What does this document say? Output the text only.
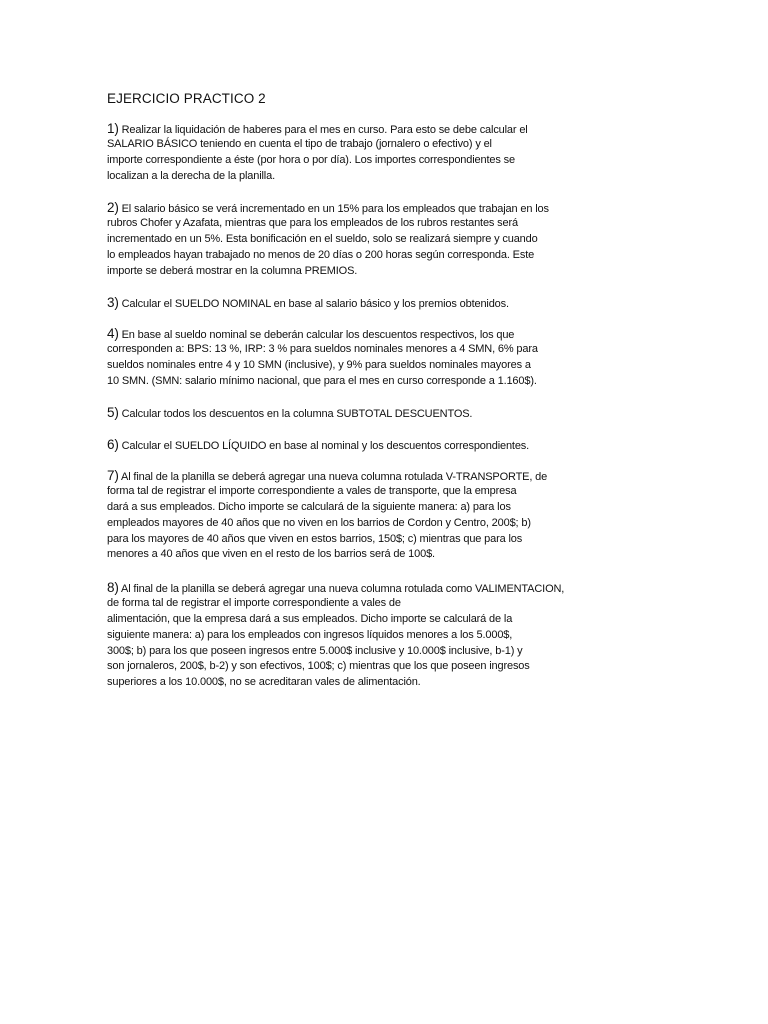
EJERCICIO PRACTICO 2
1) Realizar la liquidación de haberes para el mes en curso. Para esto se debe calcular el
SALARIO BÁSICO teniendo en cuenta el tipo de trabajo (jornalero o efectivo) y el
importe correspondiente a éste (por hora o por día). Los importes correspondientes se
localizan a la derecha de la planilla.
2) El salario básico se verá incrementado en un 15% para los empleados que trabajan en los
rubros Chofer y Azafata, mientras que para los empleados de los rubros restantes será
incrementado en un 5%. Esta bonificación en el sueldo, solo se realizará siempre y cuando
lo empleados hayan trabajado no menos de 20 días o 200 horas según corresponda. Este
importe se deberá mostrar en la columna PREMIOS.
3) Calcular el SUELDO NOMINAL en base al salario básico y los premios obtenidos.
4) En base al sueldo nominal se deberán calcular los descuentos respectivos, los que
corresponden a: BPS: 13 %, IRP: 3 % para sueldos nominales menores a 4 SMN, 6% para
sueldos nominales entre 4 y 10 SMN (inclusive), y 9% para sueldos nominales mayores a
10 SMN. (SMN: salario mínimo nacional, que para el mes en curso corresponde a 1.160$).
5) Calcular todos los descuentos en la columna SUBTOTAL DESCUENTOS.
6) Calcular el SUELDO LÍQUIDO en base al nominal y los descuentos correspondientes.
7) Al final de la planilla se deberá agregar una nueva columna rotulada V-TRANSPORTE, de
forma tal de registrar el importe correspondiente a vales de transporte, que la empresa
dará a sus empleados. Dicho importe se calculará de la siguiente manera: a) para los
empleados mayores de 40 años que no viven en los barrios de Cordon y Centro, 200$; b)
para los mayores de 40 años que viven en estos barrios, 150$; c) mientras que para los
menores a 40 años que viven en el resto de los barrios será de 100$.
8) Al final de la planilla se deberá agregar una nueva columna rotulada como VALIMENTACION,
de forma tal de registrar el importe correspondiente a vales de
alimentación, que la empresa dará a sus empleados. Dicho importe se calculará de la
siguiente manera: a) para los empleados con ingresos líquidos menores a los 5.000$,
300$; b) para los que poseen ingresos entre 5.000$ inclusive y 10.000$ inclusive, b-1) y
son jornaleros, 200$, b-2) y son efectivos, 100$; c) mientras que los que poseen ingresos
superiores a los 10.000$, no se acreditaran vales de alimentación.
